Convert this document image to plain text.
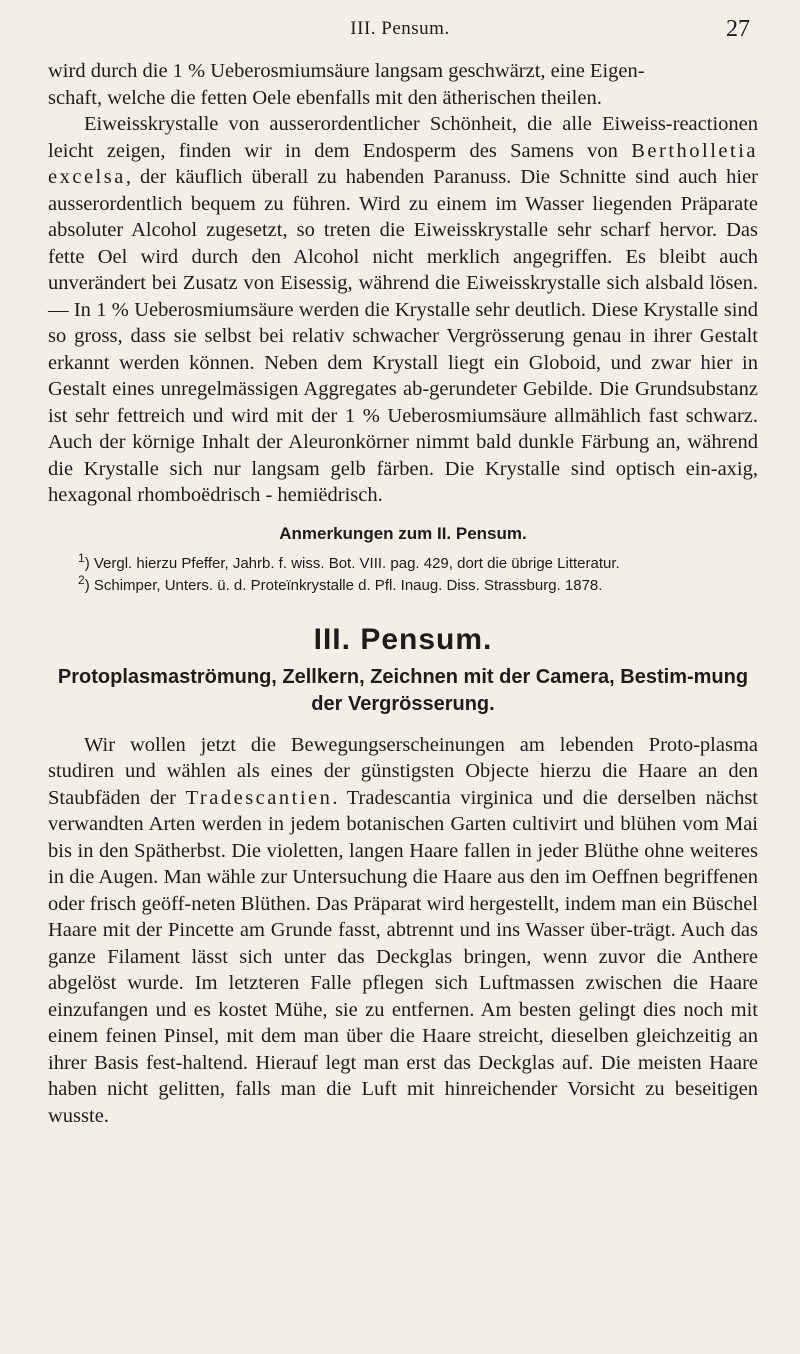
III. Pensum.	27

wird durch die 1 % Ueberosmiumsäure langsam geschwärzt, eine Eigen-
schaft, welche die fetten Oele ebenfalls mit den ätherischen theilen.

Eiweisskrystalle von ausserordentlicher Schönheit, die alle Eiweiss-reactionen leicht zeigen, finden wir in dem Endosperm des Samens von Bertholletia excelsa, der käuflich überall zu habenden Paranuss. Die Schnitte sind auch hier ausserordentlich bequem zu führen. Wird zu einem im Wasser liegenden Präparate absoluter Alcohol zugesetzt, so treten die Eiweisskrystalle sehr scharf hervor. Das fette Oel wird durch den Alcohol nicht merklich angegriffen. Es bleibt auch unverändert bei Zusatz von Eisessig, während die Eiweisskrystalle sich alsbald lösen. — In 1 % Ueberosmiumsäure werden die Krystalle sehr deutlich. Diese Krystalle sind so gross, dass sie selbst bei relativ schwacher Vergrösserung genau in ihrer Gestalt erkannt werden können. Neben dem Krystall liegt ein Globoid, und zwar hier in Gestalt eines unregelmässigen Aggregates ab-gerundeter Gebilde. Die Grundsubstanz ist sehr fettreich und wird mit der 1 % Ueberosmiumsäure allmählich fast schwarz. Auch der körnige Inhalt der Aleuronkörner nimmt bald dunkle Färbung an, während die Krystalle sich nur langsam gelb färben. Die Krystalle sind optisch ein-axig, hexagonal rhomboëdrisch - hemiëdrisch.

Anmerkungen zum II. Pensum.

$^1$) Vergl. hierzu Pfeffer, Jahrb. f. wiss. Bot. VIII. pag. 429, dort die übrige Litteratur.

$^2$) Schimper, Unters. ü. d. Proteïnkrystalle d. Pfl. Inaug. Diss. Strassburg. 1878.

III. Pensum.
Protoplasmaströmung, Zellkern, Zeichnen mit der Camera, Bestim-mung der Vergrösserung.

Wir wollen jetzt die Bewegungserscheinungen am lebenden Proto-plasma studiren und wählen als eines der günstigsten Objecte hierzu die Haare an den Staubfäden der Tradescantien. Tradescantia virginica und die derselben nächst verwandten Arten werden in jedem botanischen Garten cultivirt und blühen vom Mai bis in den Spätherbst. Die violetten, langen Haare fallen in jeder Blüthe ohne weiteres in die Augen. Man wähle zur Untersuchung die Haare aus den im Oeffnen begriffenen oder frisch geöff-neten Blüthen. Das Präparat wird hergestellt, indem man ein Büschel Haare mit der Pincette am Grunde fasst, abtrennt und ins Wasser über-trägt. Auch das ganze Filament lässt sich unter das Deckglas bringen, wenn zuvor die Anthere abgelöst wurde. Im letzteren Falle pflegen sich Luftmassen zwischen die Haare einzufangen und es kostet Mühe, sie zu entfernen. Am besten gelingt dies noch mit einem feinen Pinsel, mit dem man über die Haare streicht, dieselben gleichzeitig an ihrer Basis fest-haltend. Hierauf legt man erst das Deckglas auf. Die meisten Haare haben nicht gelitten, falls man die Luft mit hinreichender Vorsicht zu beseitigen wusste.
